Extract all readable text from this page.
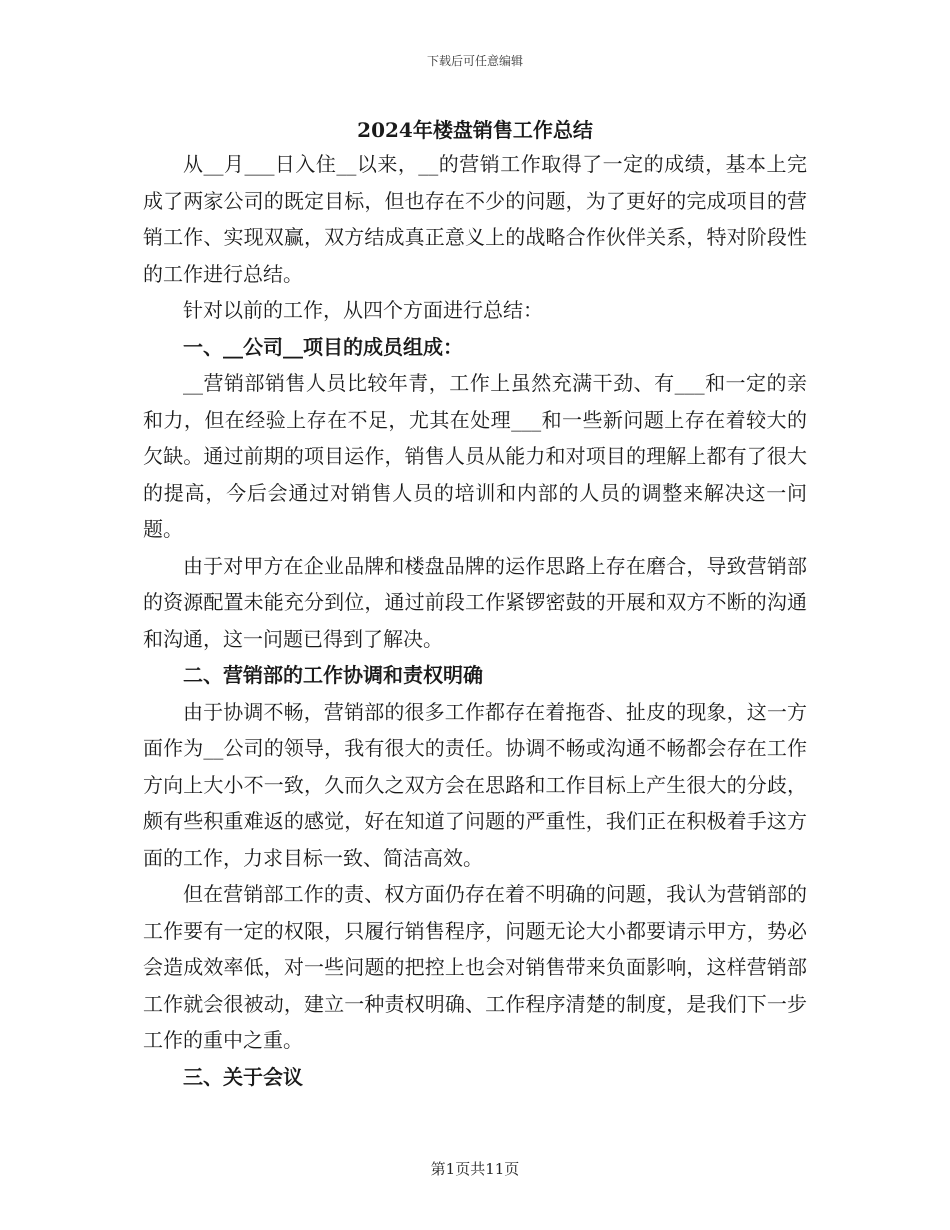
下载后可任意编辑
2024年楼盘销售工作总结

从__月___日入住__以来，__的营销工作取得了一定的成绩，基本上完成了两家公司的既定目标，但也存在不少的问题，为了更好的完成项目的营销工作、实现双赢，双方结成真正意义上的战略合作伙伴关系，特对阶段性的工作进行总结。

针对以前的工作，从四个方面进行总结：

一、__公司__项目的成员组成：

__营销部销售人员比较年青，工作上虽然充满干劲、有___和一定的亲和力，但在经验上存在不足，尤其在处理___和一些新问题上存在着较大的欠缺。通过前期的项目运作，销售人员从能力和对项目的理解上都有了很大的提高，今后会通过对销售人员的培训和内部的人员的调整来解决这一问题。

由于对甲方在企业品牌和楼盘品牌的运作思路上存在磨合，导致营销部的资源配置未能充分到位，通过前段工作紧锣密鼓的开展和双方不断的沟通和沟通，这一问题已得到了解决。

二、营销部的工作协调和责权明确

由于协调不畅，营销部的很多工作都存在着拖沓、扯皮的现象，这一方面作为__公司的领导，我有很大的责任。协调不畅或沟通不畅都会存在工作方向上大小不一致，久而久之双方会在思路和工作目标上产生很大的分歧，颇有些积重难返的感觉，好在知道了问题的严重性，我们正在积极着手这方面的工作，力求目标一致、简洁高效。

但在营销部工作的责、权方面仍存在着不明确的问题，我认为营销部的工作要有一定的权限，只履行销售程序，问题无论大小都要请示甲方，势必会造成效率低，对一些问题的把控上也会对销售带来负面影响，这样营销部工作就会很被动，建立一种责权明确、工作程序清楚的制度，是我们下一步工作的重中之重。

三、关于会议

第1页共11页
